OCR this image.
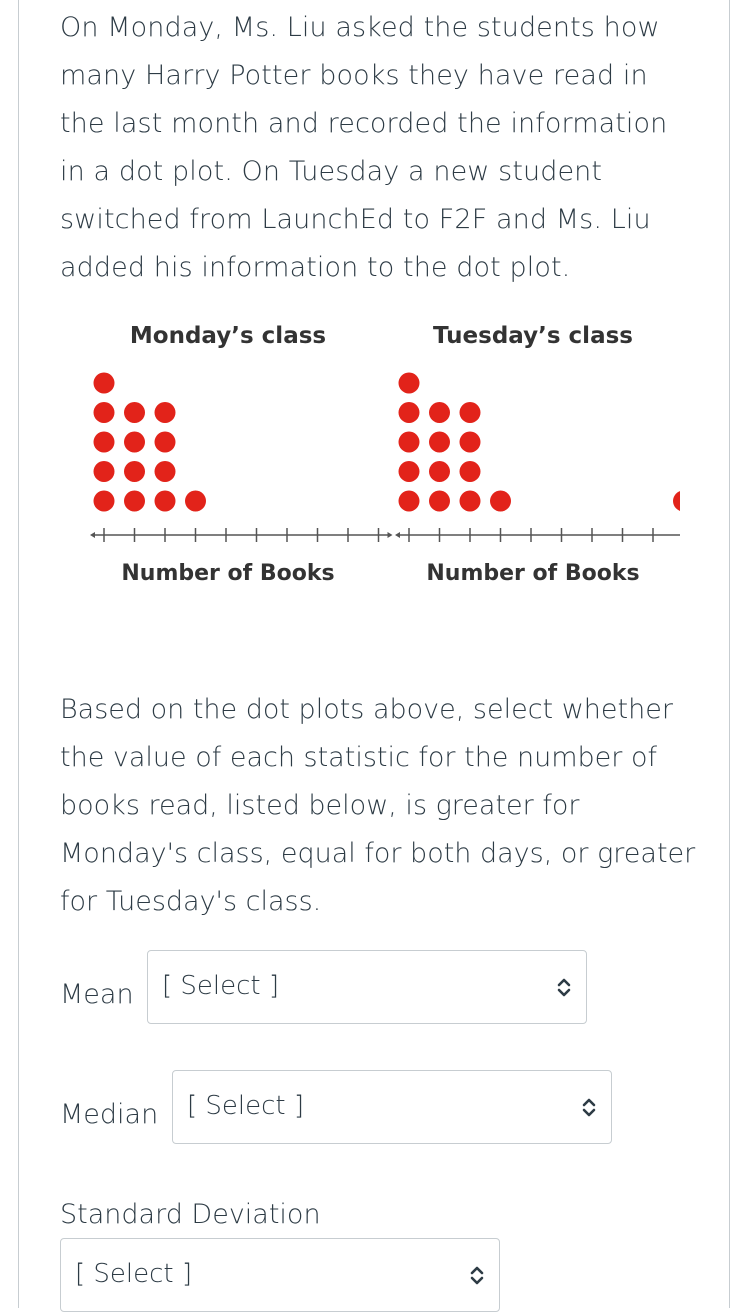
On Monday, Ms. Liu asked the students how many Harry Potter books they have read in the last month and recorded the information in a dot plot. On Tuesday a new student switched from LaunchEd to F2F and Ms. Liu added his information to the dot plot.

Monday’s class
Number of Books
Tuesday’s class
Number of Books

Based on the dot plots above, select whether the value of each statistic for the number of books read, listed below, is greater for Monday's class, equal for both days, or greater for Tuesday's class.

Mean [ Select ]
Median [ Select ]
Standard Deviation
[ Select ]
